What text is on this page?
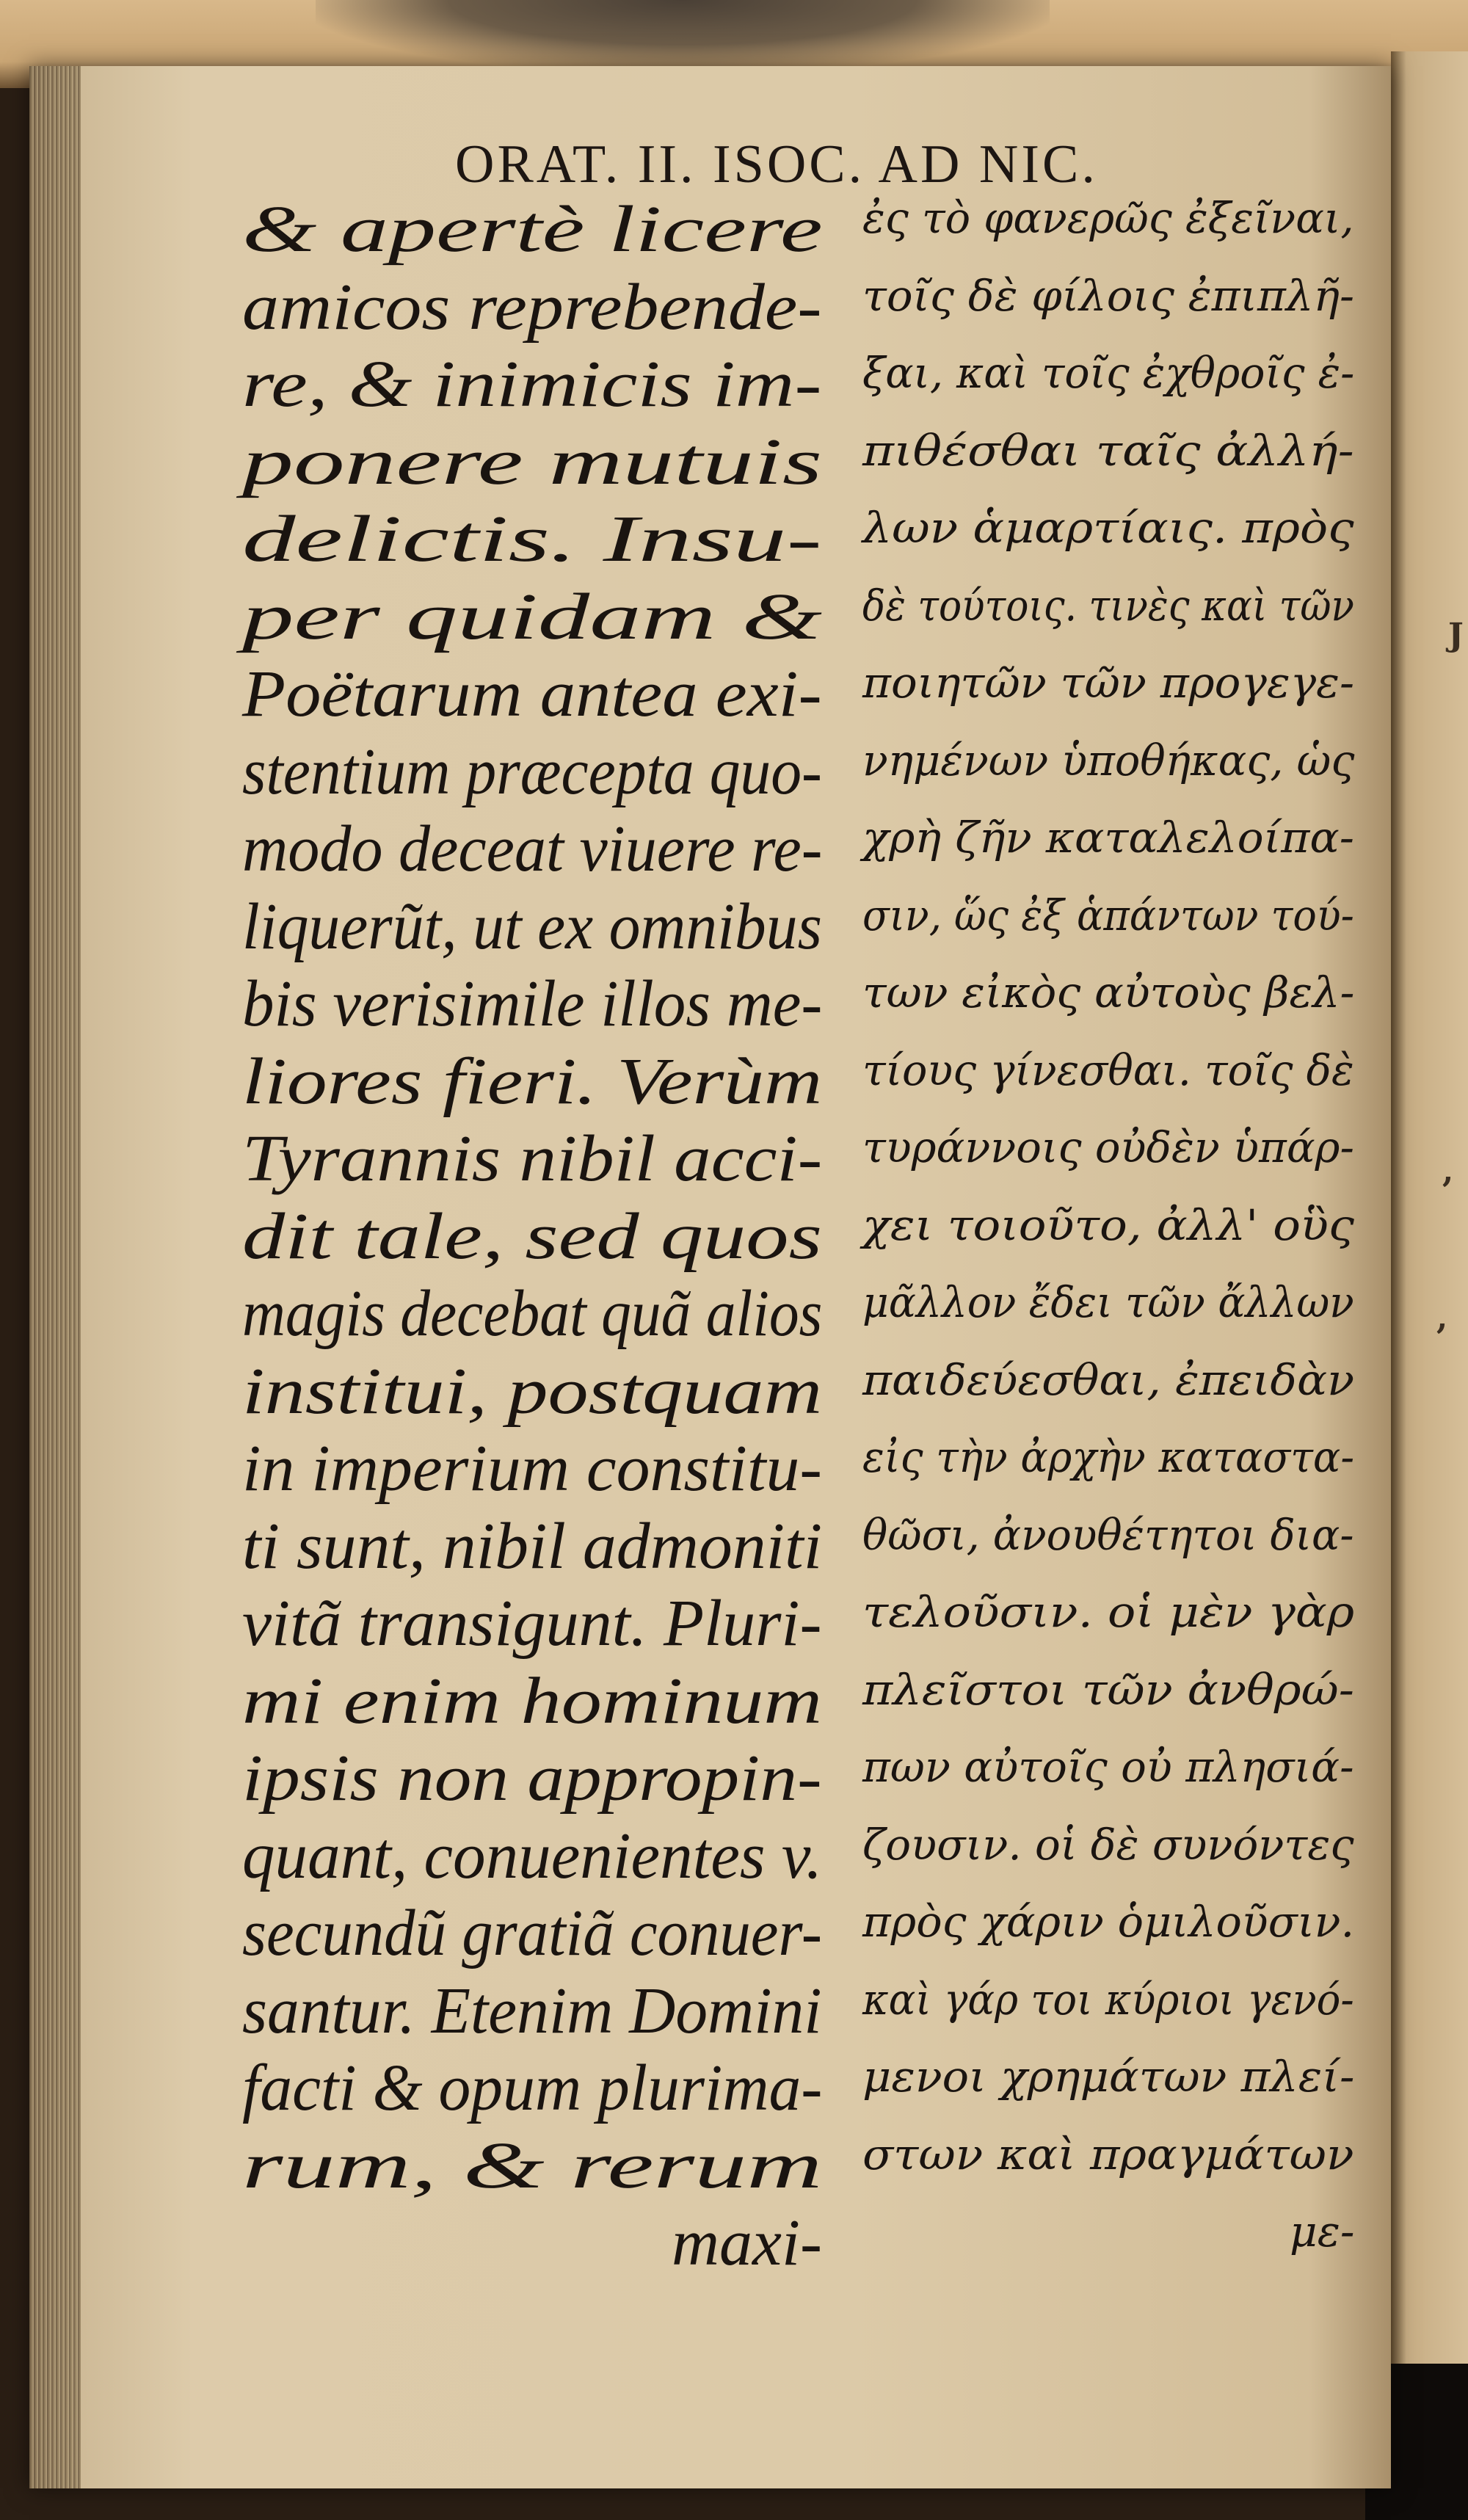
J
,
,
ORAT. II. ISOC. AD NIC.
& apertè licere
amicos reprebende-
re, & inimicis im-
ponere mutuis
delictis. Insu-
per quidam &
Poëtarum antea exi-
stentium præcepta quo-
modo deceat viuere re-
liquerũt, ut ex omnibus
bis verisimile illos me-
liores fieri. Verùm
Tyrannis nibil acci-
dit tale, sed quos
magis decebat quã alios
institui, postquam
in imperium constitu-
ti sunt, nibil admoniti
vitã transigunt. Pluri-
mi enim hominum
ipsis non appropin-
quant, conuenientes v.
secundũ gratiã conuer-
santur. Etenim Domini
facti & opum plurima-
rum, & rerum
maxi-
ἐς τὸ φανερῶς ἐξεῖναι,
τοῖς δὲ φίλοις ἐπιπλῆ-
ξαι, καὶ τοῖς ἐχθροῖς ἐ-
πιθέσθαι ταῖς ἀλλή-
λων ἁμαρτίαις. πρὸς
δὲ τούτοις. τινὲς καὶ τῶν
ποιητῶν τῶν προγεγε-
νημένων ὑποθήκας, ὡς
χρὴ ζῆν καταλελοίπα-
σιν, ὥς ἐξ ἁπάντων τού-
των εἰκὸς αὐτοὺς βελ-
τίους γίνεσθαι. τοῖς δὲ
τυράννοις οὐδὲν ὑπάρ-
χει τοιοῦτο, ἀλλ' οὓς
μᾶλλον ἔδει τῶν ἄλλων
παιδεύεσθαι, ἐπειδὰν
εἰς τὴν ἀρχὴν καταστα-
θῶσι, ἀνουθέτητοι δια-
τελοῦσιν. οἱ μὲν γὰρ
πλεῖστοι τῶν ἀνθρώ-
πων αὐτοῖς οὐ πλησιά-
ζουσιν. οἱ δὲ συνόντες
πρὸς χάριν ὁμιλοῦσιν.
καὶ γάρ τοι κύριοι γενό-
μενοι χρημάτων πλεί-
στων καὶ πραγμάτων
με-
